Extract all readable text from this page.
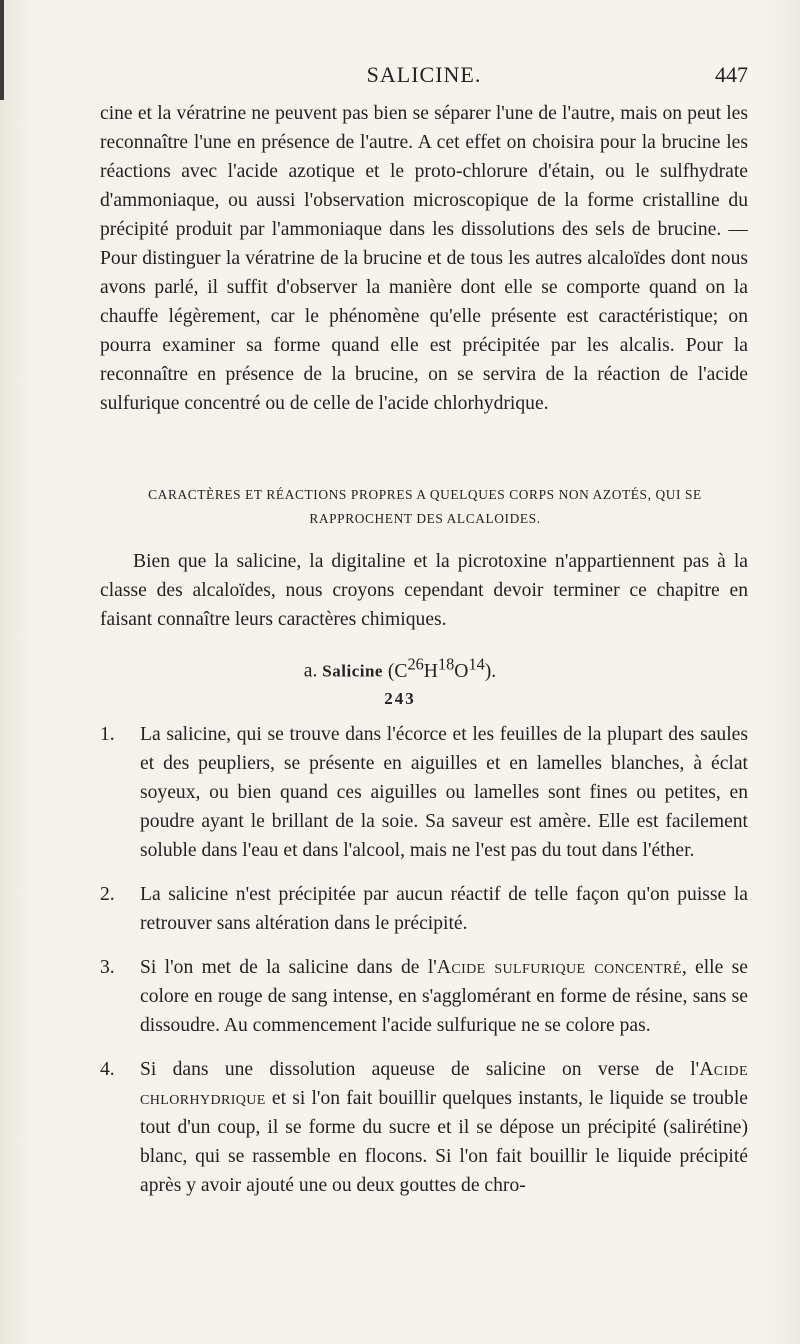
SALICINE.	447
cine et la vératrine ne peuvent pas bien se séparer l'une de l'autre, mais on peut les reconnaître l'une en présence de l'autre. A cet effet on choisira pour la brucine les réactions avec l'acide azotique et le proto-chlorure d'étain, ou le sulfhydrate d'ammoniaque, ou aussi l'observation microscopique de la forme cristalline du précipité produit par l'ammoniaque dans les dissolutions des sels de brucine. — Pour distinguer la vératrine de la brucine et de tous les autres alcaloïdes dont nous avons parlé, il suffit d'observer la manière dont elle se comporte quand on la chauffe légèrement, car le phénomène qu'elle présente est caractéristique; on pourra examiner sa forme quand elle est précipitée par les alcalis. Pour la reconnaître en présence de la brucine, on se servira de la réaction de l'acide sulfurique concentré ou de celle de l'acide chlorhydrique.
CARACTÈRES ET RÉACTIONS PROPRES A QUELQUES CORPS NON AZOTÉS, QUI SE RAPPROCHENT DES ALCALOIDES.
Bien que la salicine, la digitaline et la picrotoxine n'appartiennent pas à la classe des alcaloïdes, nous croyons cependant devoir terminer ce chapitre en faisant connaître leurs caractères chimiques.
a. Salicine $(C^{26}H^{18}O^{14})$.
243
1.	La salicine, qui se trouve dans l'écorce et les feuilles de la plupart des saules et des peupliers, se présente en aiguilles et en lamelles blanches, à éclat soyeux, ou bien quand ces aiguilles ou lamelles sont fines ou petites, en poudre ayant le brillant de la soie. Sa saveur est amère. Elle est facilement soluble dans l'eau et dans l'alcool, mais ne l'est pas du tout dans l'éther.
2.	La salicine n'est précipitée par aucun réactif de telle façon qu'on puisse la retrouver sans altération dans le précipité.
3.	Si l'on met de la salicine dans de l'Acide sulfurique concentré, elle se colore en rouge de sang intense, en s'agglomérant en forme de résine, sans se dissoudre. Au commencement l'acide sulfurique ne se colore pas.
4.	Si dans une dissolution aqueuse de salicine on verse de l'Acide chlorhydrique et si l'on fait bouillir quelques instants, le liquide se trouble tout d'un coup, il se forme du sucre et il se dépose un précipité (salirétine) blanc, qui se rassemble en flocons. Si l'on fait bouillir le liquide précipité après y avoir ajouté une ou deux gouttes de chro-
